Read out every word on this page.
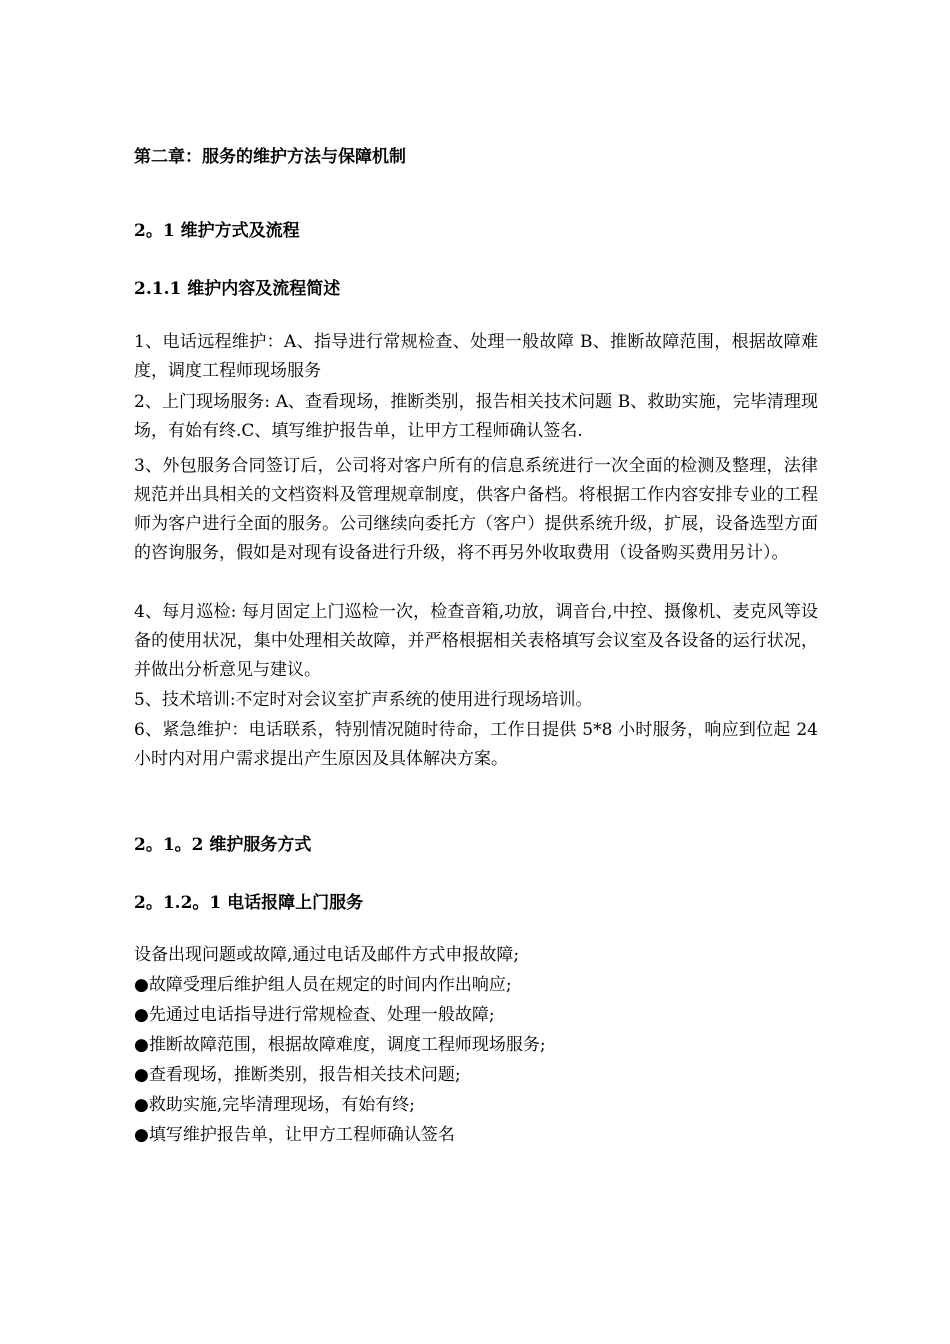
第二章：服务的维护方法与保障机制
2。1 维护方式及流程
2.1.1 维护内容及流程简述
1、电话远程维护：A、指导进行常规检查、处理一般故障 B、推断故障范围，根据故障难度，调度工程师现场服务
2、上门现场服务: A、查看现场，推断类别，报告相关技术问题 B、救助实施，完毕清理现场，有始有终.C、填写维护报告单，让甲方工程师确认签名.
3、外包服务合同签订后，公司将对客户所有的信息系统进行一次全面的检测及整理，法律规范并出具相关的文档资料及管理规章制度，供客户备档。将根据工作内容安排专业的工程师为客户进行全面的服务。公司继续向委托方（客户）提供系统升级，扩展，设备选型方面的咨询服务，假如是对现有设备进行升级，将不再另外收取费用（设备购买费用另计）。
4、每月巡检: 每月固定上门巡检一次，检查音箱,功放，调音台,中控、摄像机、麦克风等设备的使用状况，集中处理相关故障，并严格根据相关表格填写会议室及各设备的运行状况，并做出分析意见与建议。
5、技术培训:不定时对会议室扩声系统的使用进行现场培训。
6、紧急维护：电话联系，特别情况随时待命，工作日提供 5*8 小时服务，响应到位起 24 小时内对用户需求提出产生原因及具体解决方案。
2。1。2 维护服务方式
2。1.2。1 电话报障上门服务
设备出现问题或故障,通过电话及邮件方式申报故障;
●故障受理后维护组人员在规定的时间内作出响应;
●先通过电话指导进行常规检查、处理一般故障;
●推断故障范围，根据故障难度，调度工程师现场服务;
●查看现场，推断类别，报告相关技术问题;
●救助实施,完毕清理现场，有始有终;
●填写维护报告单，让甲方工程师确认签名
